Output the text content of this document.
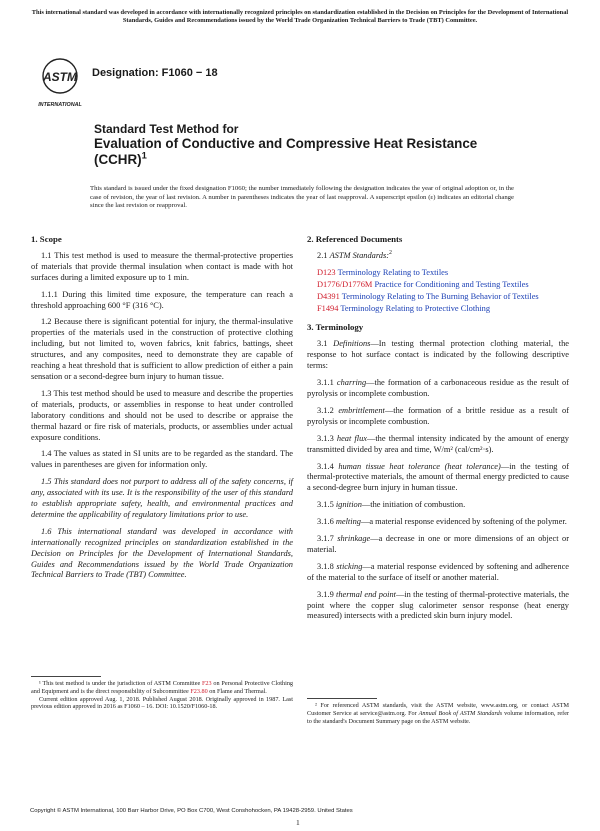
This international standard was developed in accordance with internationally recognized principles on standardization established in the Decision on Principles for the Development of International Standards, Guides and Recommendations issued by the World Trade Organization Technical Barriers to Trade (TBT) Committee.
ASTM
INTERNATIONAL
Designation: F1060 − 18
Standard Test Method for
Evaluation of Conductive and Compressive Heat Resistance
(CCHR)$^1$
This standard is issued under the fixed designation F1060; the number immediately following the designation indicates the year of original adoption or, in the case of revision, the year of last revision. A number in parentheses indicates the year of last reapproval. A superscript epsilon (ε) indicates an editorial change since the last revision or reapproval.
1. Scope

1.1 This test method is used to measure the thermal-protective properties of materials that provide thermal insulation when contact is made with hot surfaces during a limited exposure up to 1 min.

1.1.1 During this limited time exposure, the temperature can reach a threshold approaching 600 °F (316 °C).

1.2 Because there is significant potential for injury, the thermal-insulative properties of the materials used in the construction of protective clothing including, but not limited to, woven fabrics, knit fabrics, battings, sheet structures, and any composites, need to demonstrate they are capable of reaching a heat threshold that is sufficient to allow prediction of either a pain sensation or a second-degree burn injury to human tissue.

1.3 This test method should be used to measure and describe the properties of materials, products, or assemblies in response to heat under controlled laboratory conditions and should not be used to describe or appraise the thermal hazard or fire risk of materials, products, or assemblies under actual exposure conditions.

1.4 The values as stated in SI units are to be regarded as the standard. The values in parentheses are given for information only.

1.5 This standard does not purport to address all of the safety concerns, if any, associated with its use. It is the responsibility of the user of this standard to establish appropriate safety, health, and environmental practices and determine the applicability of regulatory limitations prior to use.

1.6 This international standard was developed in accordance with internationally recognized principles on standardization established in the Decision on Principles for the Development of International Standards, Guides and Recommendations issued by the World Trade Organization Technical Barriers to Trade (TBT) Committee.

¹ This test method is under the jurisdiction of ASTM Committee F23 on Personal Protective Clothing and Equipment and is the direct responsibility of Subcommittee F23.80 on Flame and Thermal.
Current edition approved Aug. 1, 2018. Published August 2018. Originally approved in 1987. Last previous edition approved in 2016 as F1060 – 16. DOI: 10.1520/F1060-18.
2. Referenced Documents

2.1 ASTM Standards:$^2$

D123 Terminology Relating to Textiles
D1776/D1776M Practice for Conditioning and Testing Textiles
D4391 Terminology Relating to The Burning Behavior of Textiles
F1494 Terminology Relating to Protective Clothing
3. Terminology

3.1 Definitions—In testing thermal protection clothing material, the response to hot surface contact is indicated by the following descriptive terms:

3.1.1 charring—the formation of a carbonaceous residue as the result of pyrolysis or incomplete combustion.

3.1.2 embrittlement—the formation of a brittle residue as a result of pyrolysis or incomplete combustion.

3.1.3 heat flux—the thermal intensity indicated by the amount of energy transmitted divided by area and time, W/m² (cal/cm²·s).

3.1.4 human tissue heat tolerance (heat tolerance)—in the testing of thermal-protective materials, the amount of thermal energy predicted to cause a second-degree burn injury in human tissue.

3.1.5 ignition—the initiation of combustion.

3.1.6 melting—a material response evidenced by softening of the polymer.

3.1.7 shrinkage—a decrease in one or more dimensions of an object or material.

3.1.8 sticking—a material response evidenced by softening and adherence of the material to the surface of itself or another material.

3.1.9 thermal end point—in the testing of thermal-protective materials, the point where the copper slug calorimeter sensor response (heat energy measured) intersects with a predicted skin burn injury model.

² For referenced ASTM standards, visit the ASTM website, www.astm.org, or contact ASTM Customer Service at service@astm.org. For Annual Book of ASTM Standards volume information, refer to the standard's Document Summary page on the ASTM website.
Copyright © ASTM International, 100 Barr Harbor Drive, PO Box C700, West Conshohocken, PA 19428-2959. United States
1
